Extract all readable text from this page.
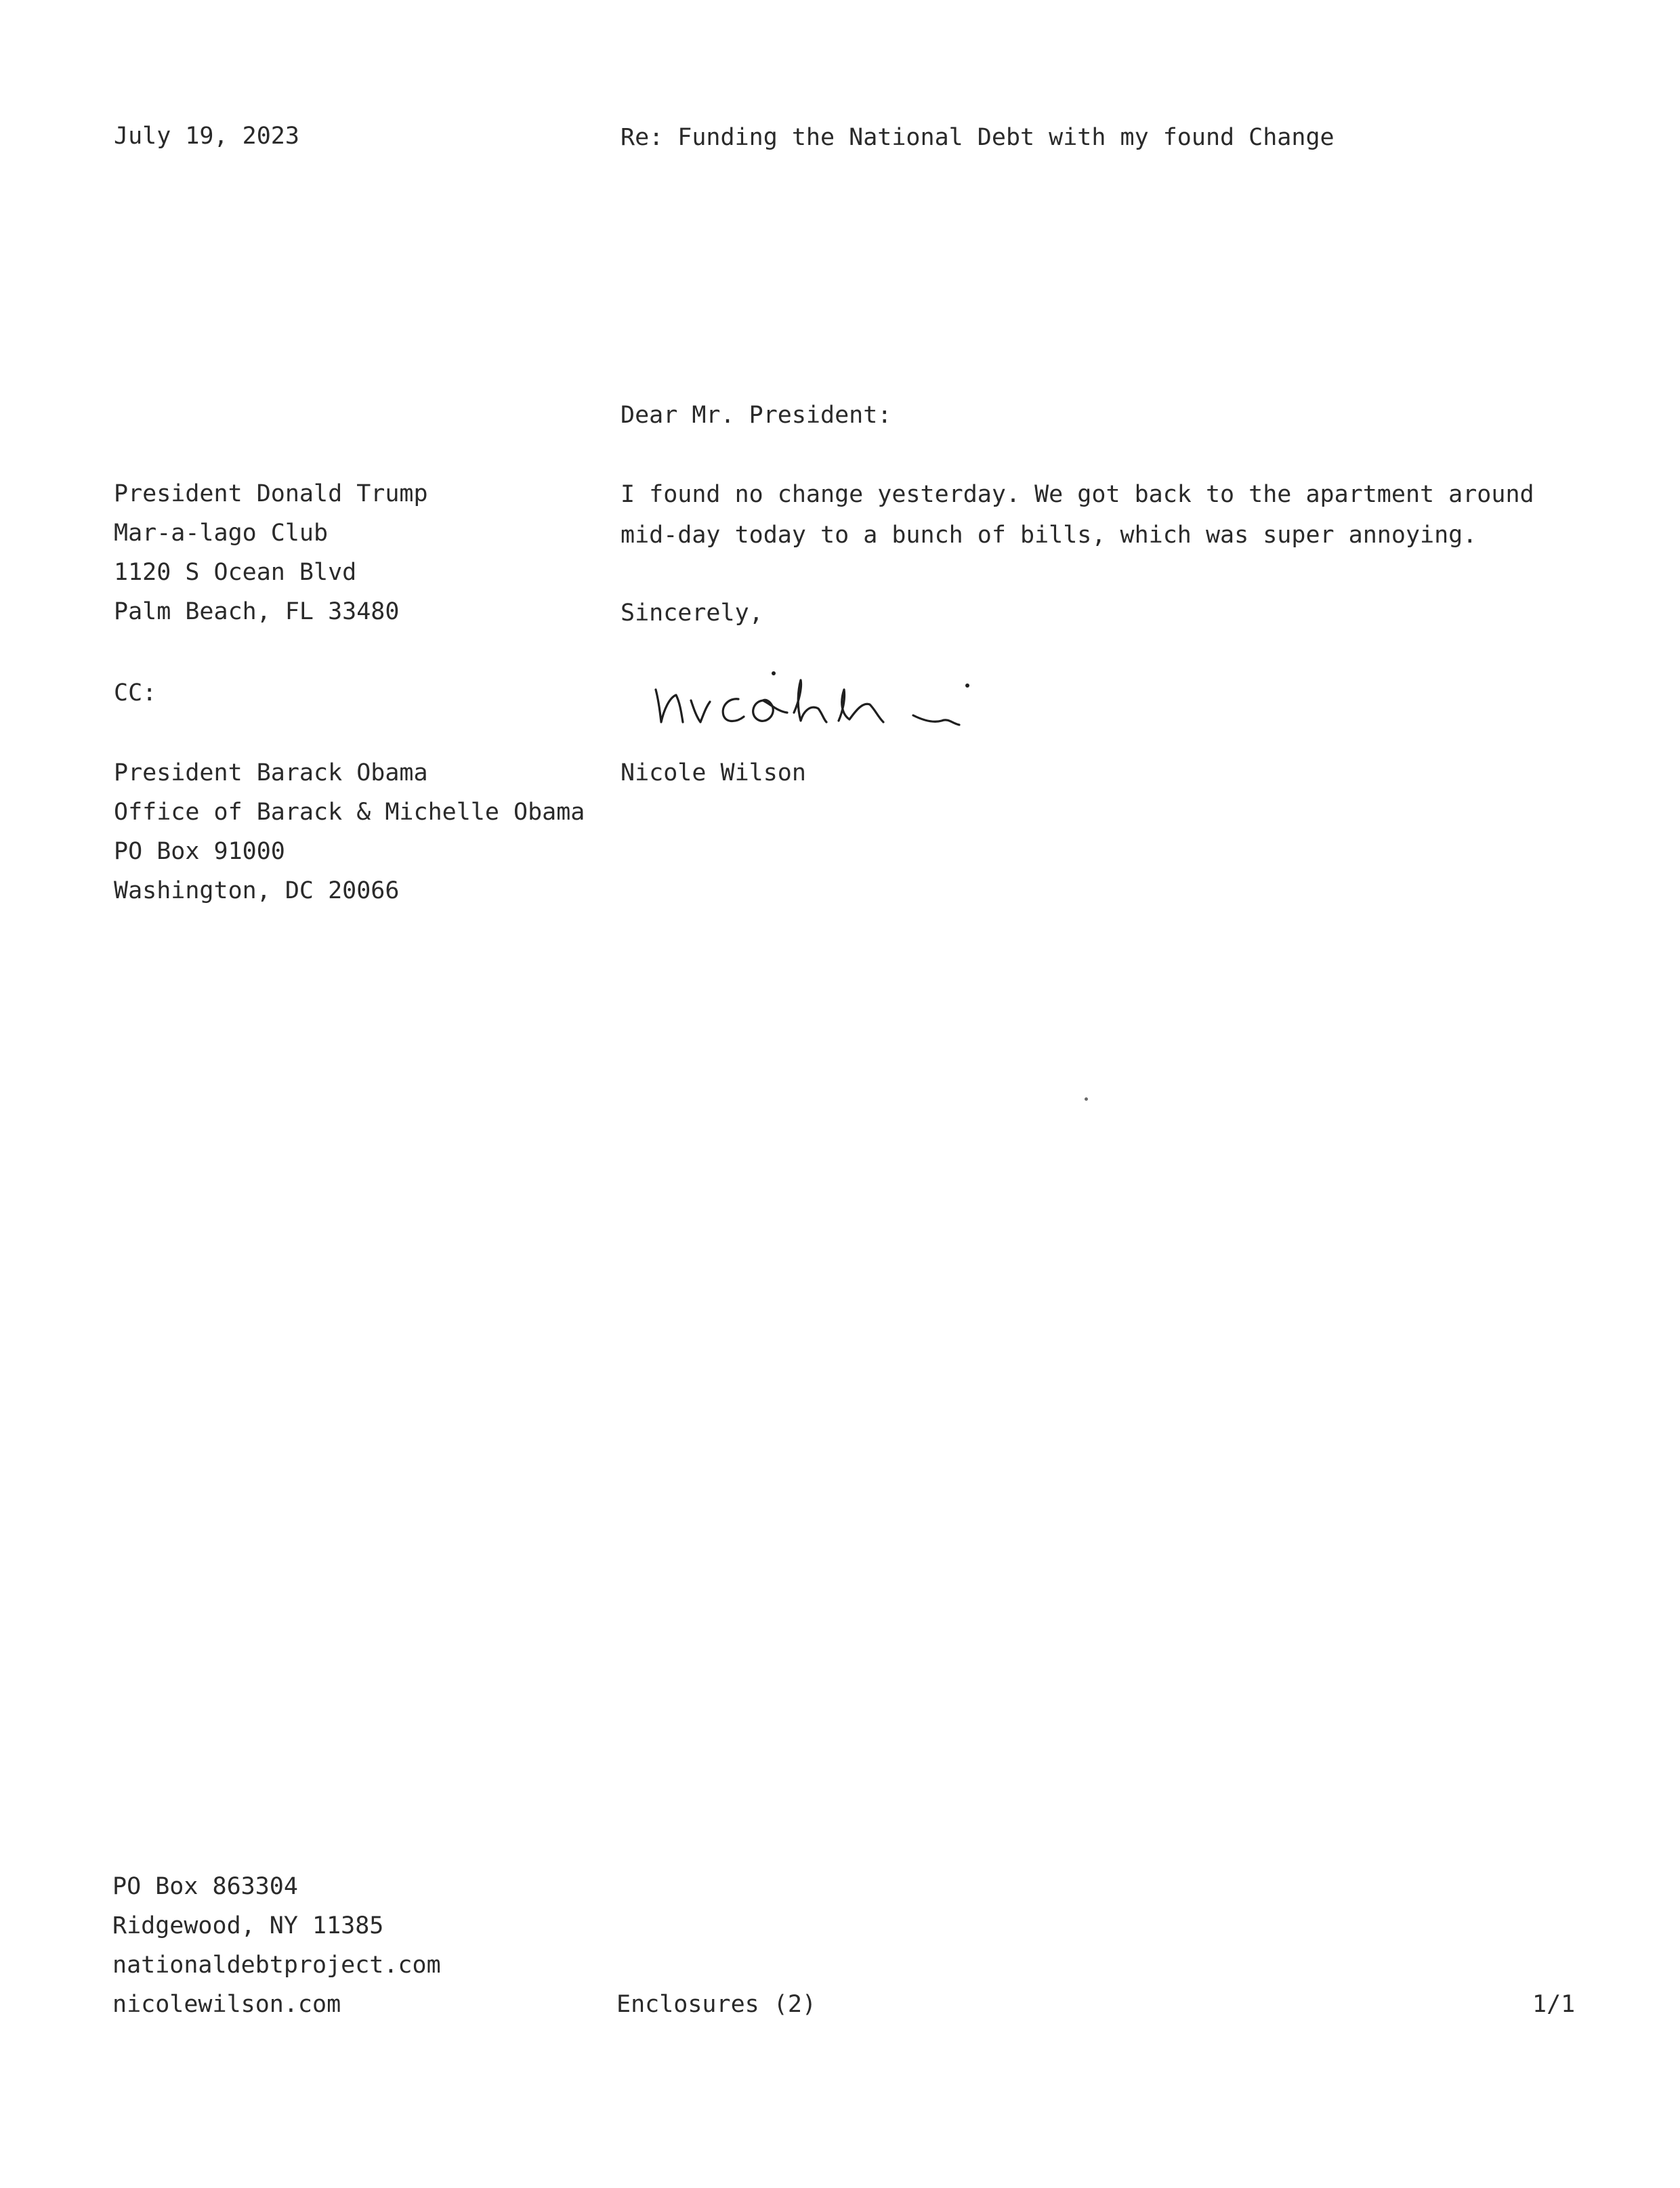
July 19, 2023	Re: Funding the National Debt with my found Change
Dear Mr. President:
President Donald Trump
Mar-a-lago Club
1120 S Ocean Blvd
Palm Beach, FL 33480
I found no change yesterday. We got back to the apartment around
mid-day today to a bunch of bills, which was super annoying.
Sincerely,
CC:
President Barack Obama
Office of Barack & Michelle Obama
PO Box 91000
Washington, DC 20066
Nicole Wilson
PO Box 863304
Ridgewood, NY 11385
nationaldebtproject.com
nicolewilson.com	Enclosures (2)	1/1
